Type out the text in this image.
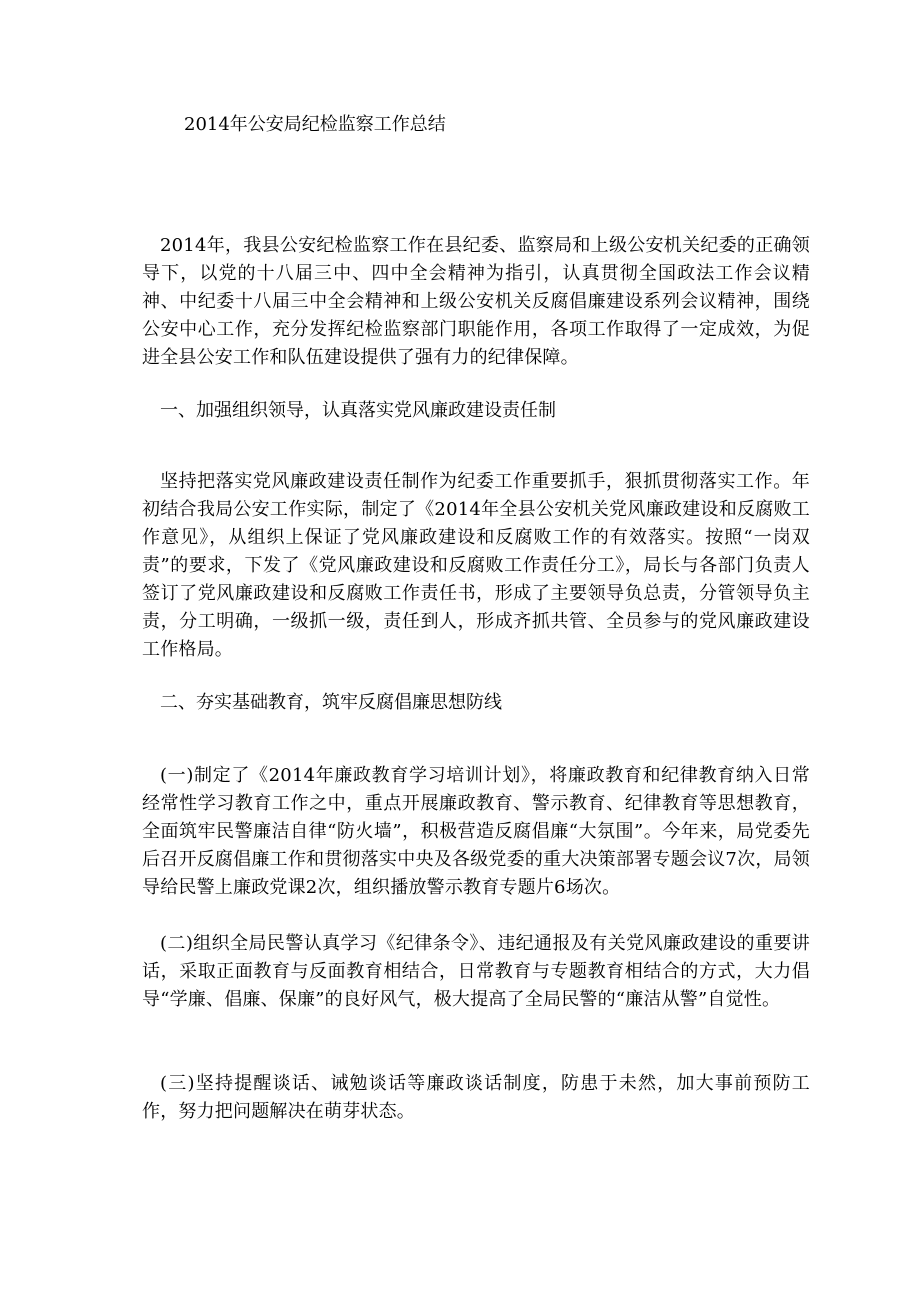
2014年公安局纪检监察工作总结

2014年，我县公安纪检监察工作在县纪委、监察局和上级公安机关纪委的正确领导下，以党的十八届三中、四中全会精神为指引，认真贯彻全国政法工作会议精神、中纪委十八届三中全会精神和上级公安机关反腐倡廉建设系列会议精神，围绕公安中心工作，充分发挥纪检监察部门职能作用，各项工作取得了一定成效，为促进全县公安工作和队伍建设提供了强有力的纪律保障。

一、加强组织领导，认真落实党风廉政建设责任制

坚持把落实党风廉政建设责任制作为纪委工作重要抓手，狠抓贯彻落实工作。年初结合我局公安工作实际，制定了《2014年全县公安机关党风廉政建设和反腐败工作意见》，从组织上保证了党风廉政建设和反腐败工作的有效落实。按照“一岗双责”的要求，下发了《党风廉政建设和反腐败工作责任分工》，局长与各部门负责人签订了党风廉政建设和反腐败工作责任书，形成了主要领导负总责，分管领导负主责，分工明确，一级抓一级，责任到人，形成齐抓共管、全员参与的党风廉政建设工作格局。

二、夯实基础教育，筑牢反腐倡廉思想防线

(一)制定了《2014年廉政教育学习培训计划》，将廉政教育和纪律教育纳入日常经常性学习教育工作之中，重点开展廉政教育、警示教育、纪律教育等思想教育，全面筑牢民警廉洁自律“防火墙”，积极营造反腐倡廉“大氛围”。今年来，局党委先后召开反腐倡廉工作和贯彻落实中央及各级党委的重大决策部署专题会议7次，局领导给民警上廉政党课2次，组织播放警示教育专题片6场次。

(二)组织全局民警认真学习《纪律条令》、违纪通报及有关党风廉政建设的重要讲话，采取正面教育与反面教育相结合，日常教育与专题教育相结合的方式，大力倡导“学廉、倡廉、保廉”的良好风气，极大提高了全局民警的“廉洁从警”自觉性。

(三)坚持提醒谈话、诫勉谈话等廉政谈话制度，防患于未然，加大事前预防工作，努力把问题解决在萌芽状态。
